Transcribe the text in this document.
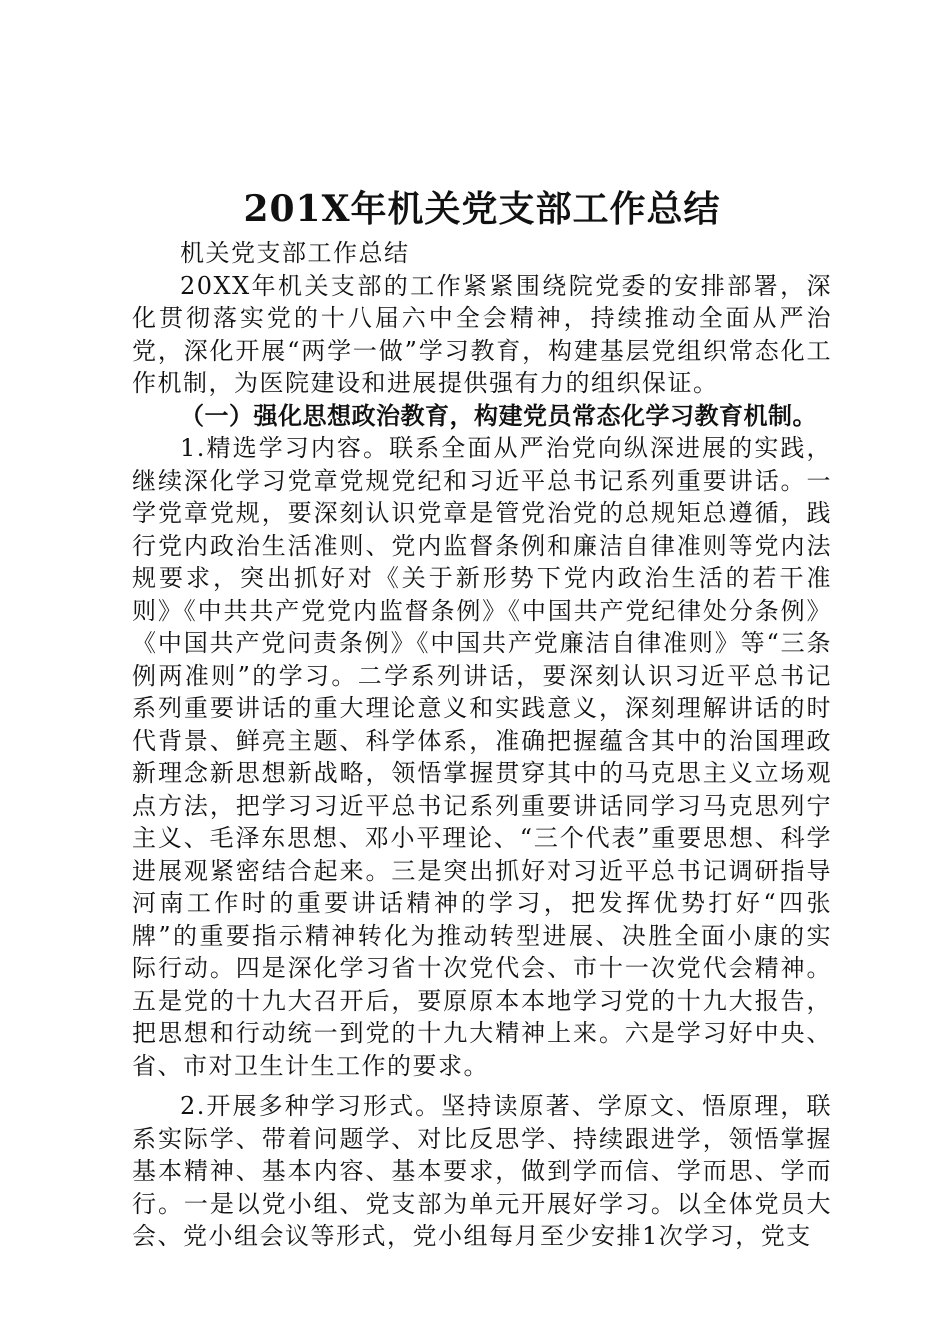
201X年机关党支部工作总结

机关党支部工作总结

20XX年机关支部的工作紧紧围绕院党委的安排部署，深化贯彻落实党的十八届六中全会精神，持续推动全面从严治党，深化开展“两学一做”学习教育，构建基层党组织常态化工作机制，为医院建设和进展提供强有力的组织保证。

（一）强化思想政治教育，构建党员常态化学习教育机制。

1.精选学习内容。联系全面从严治党向纵深进展的实践，继续深化学习党章党规党纪和习近平总书记系列重要讲话。一学党章党规，要深刻认识党章是管党治党的总规矩总遵循，践行党内政治生活准则、党内监督条例和廉洁自律准则等党内法规要求，突出抓好对《关于新形势下党内政治生活的若干准则》《中共共产党党内监督条例》《中国共产党纪律处分条例》《中国共产党问责条例》《中国共产党廉洁自律准则》等“三条例两准则”的学习。二学系列讲话，要深刻认识习近平总书记系列重要讲话的重大理论意义和实践意义，深刻理解讲话的时代背景、鲜亮主题、科学体系，准确把握蕴含其中的治国理政新理念新思想新战略，领悟掌握贯穿其中的马克思主义立场观点方法，把学习习近平总书记系列重要讲话同学习马克思列宁主义、毛泽东思想、邓小平理论、“三个代表”重要思想、科学进展观紧密结合起来。三是突出抓好对习近平总书记调研指导河南工作时的重要讲话精神的学习，把发挥优势打好“四张牌”的重要指示精神转化为推动转型进展、决胜全面小康的实际行动。四是深化学习省十次党代会、市十一次党代会精神。五是党的十九大召开后，要原原本本地学习党的十九大报告，把思想和行动统一到党的十九大精神上来。六是学习好中央、省、市对卫生计生工作的要求。

2.开展多种学习形式。坚持读原著、学原文、悟原理，联系实际学、带着问题学、对比反思学、持续跟进学，领悟掌握基本精神、基本内容、基本要求，做到学而信、学而思、学而行。一是以党小组、党支部为单元开展好学习。以全体党员大会、党小组会议等形式，党小组每月至少安排1次学习，党支
